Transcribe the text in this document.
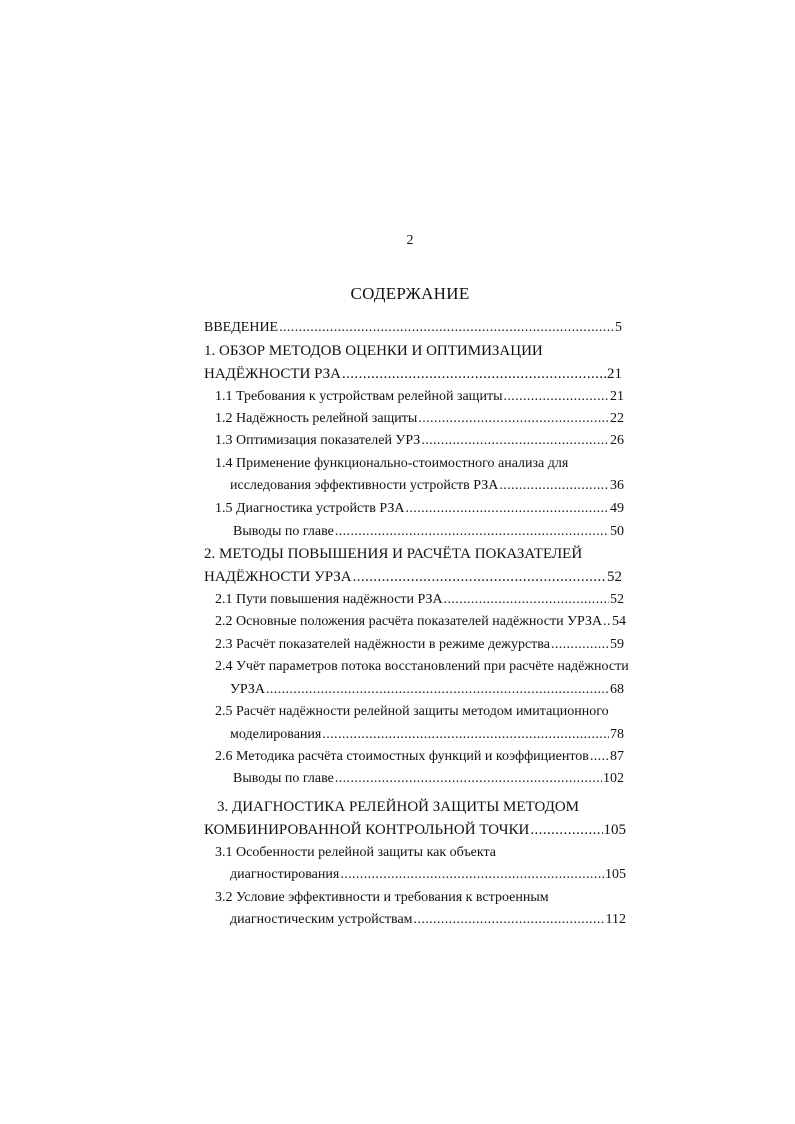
2
СОДЕРЖАНИЕ
ВВЕДЕНИЕ .....	5
1. ОБЗОР МЕТОДОВ ОЦЕНКИ И ОПТИМИЗАЦИИ
НАДЁЖНОСТИ РЗА .....	21
1.1 Требования к устройствам релейной защиты .....	21
1.2 Надёжность релейной защиты .....	22
1.3 Оптимизация показателей УРЗ .....	26
1.4 Применение функционально-стоимостного анализа для
исследования эффективности устройств РЗА .....	36
1.5 Диагностика устройств РЗА .....	49
Выводы по главе .....	50
2. МЕТОДЫ ПОВЫШЕНИЯ И РАСЧЁТА ПОКАЗАТЕЛЕЙ
НАДЁЖНОСТИ УРЗА .....	52
2.1 Пути повышения надёжности РЗА .....	52
2.2 Основные положения расчёта показателей надёжности УРЗА ..... 54
2.3 Расчёт показателей надёжности в режиме дежурства .....	59
2.4 Учёт параметров потока восстановлений при расчёте надёжности
УРЗА .....	68
2.5 Расчёт надёжности релейной защиты методом имитационного
моделирования .....	78
2.6 Методика расчёта стоимостных функций и коэффициентов ..... 87
Выводы по главе .....	102
3. ДИАГНОСТИКА РЕЛЕЙНОЙ ЗАЩИТЫ МЕТОДОМ
КОМБИНИРОВАННОЙ КОНТРОЛЬНОЙ ТОЧКИ .....	105
3.1 Особенности релейной защиты как объекта
диагностирования .....	105
3.2 Условие эффективности и требования к встроенным
диагностическим устройствам .....	112
